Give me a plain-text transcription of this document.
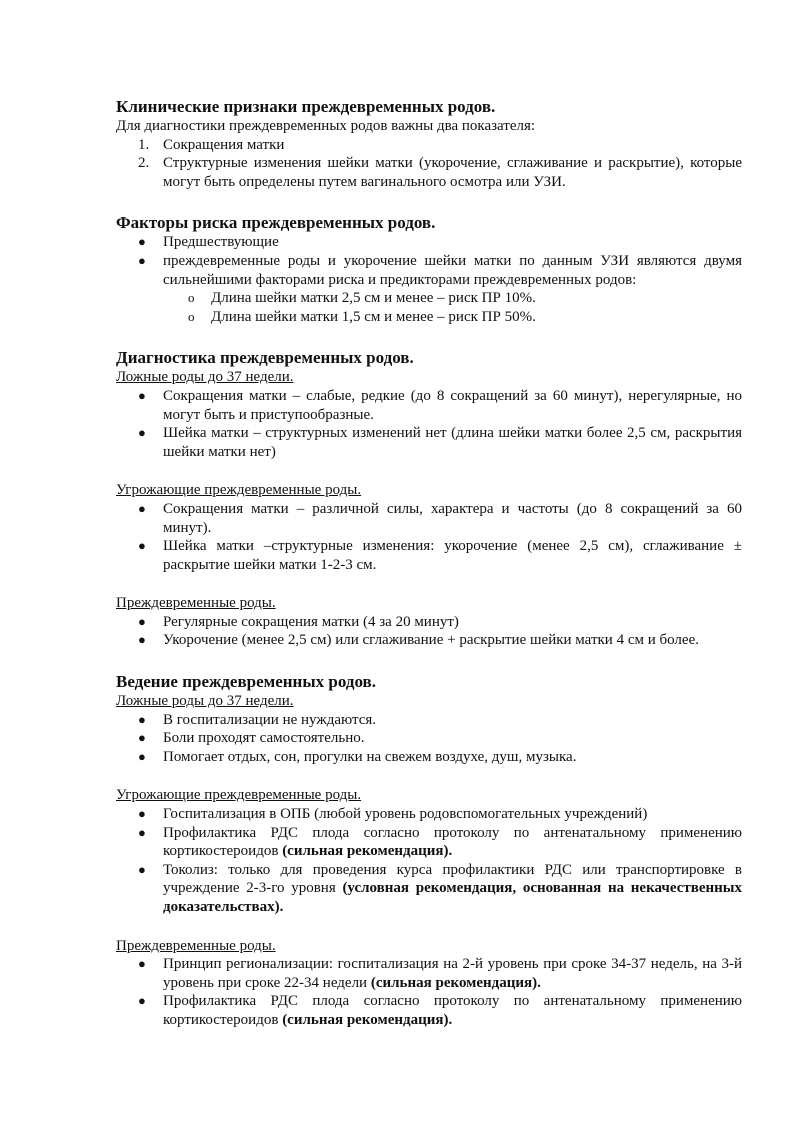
Клинические признаки преждевременных родов.

Для диагностики преждевременных родов важны два показателя:

1. Сокращения матки
2. Структурные изменения шейки матки (укорочение, сглаживание и раскрытие), которые могут быть определены путем вагинального осмотра или УЗИ.
Факторы риска преждевременных родов.
● Предшествующие
● преждевременные роды и укорочение шейки матки по данным УЗИ являются двумя сильнейшими факторами риска и предикторами преждевременных родов:
o Длина шейки матки 2,5 см и менее – риск ПР 10%.
o Длина шейки матки 1,5 см и менее – риск ПР 50%.
Диагностика преждевременных родов.

Ложные роды до 37 недели.

● Сокращения матки – слабые, редкие (до 8 сокращений за 60 минут), нерегулярные, но могут быть и приступообразные.
● Шейка матки – структурных изменений нет (длина шейки матки более 2,5 см, раскрытия шейки матки нет)

Угрожающие преждевременные роды.

● Сокращения матки – различной силы, характера и частоты (до 8 сокращений за 60 минут).
● Шейка матки –структурные изменения: укорочение (менее 2,5 см), сглаживание ± раскрытие шейки матки 1-2-3 см.

Преждевременные роды.

● Регулярные сокращения матки (4 за 20 минут)
● Укорочение (менее 2,5 см) или сглаживание + раскрытие шейки матки 4 см и более.
Ведение преждевременных родов.

Ложные роды до 37 недели.

● В госпитализации не нуждаются.
● Боли проходят самостоятельно.
● Помогает отдых, сон, прогулки на свежем воздухе, душ, музыка.

Угрожающие преждевременные роды.

● Госпитализация в ОПБ (любой уровень родовспомогательных учреждений)
● Профилактика РДС плода согласно протоколу по антенатальному применению кортикостероидов (сильная рекомендация).
● Токолиз: только для проведения курса профилактики РДС или транспортировке в учреждение 2-3-го уровня (условная рекомендация, основанная на некачественных доказательствах).

Преждевременные роды.

● Принцип регионализации: госпитализация на 2-й уровень при сроке 34-37 недель, на 3-й уровень при сроке 22-34 недели (сильная рекомендация).
● Профилактика РДС плода согласно протоколу по антенатальному применению кортикостероидов (сильная рекомендация).
